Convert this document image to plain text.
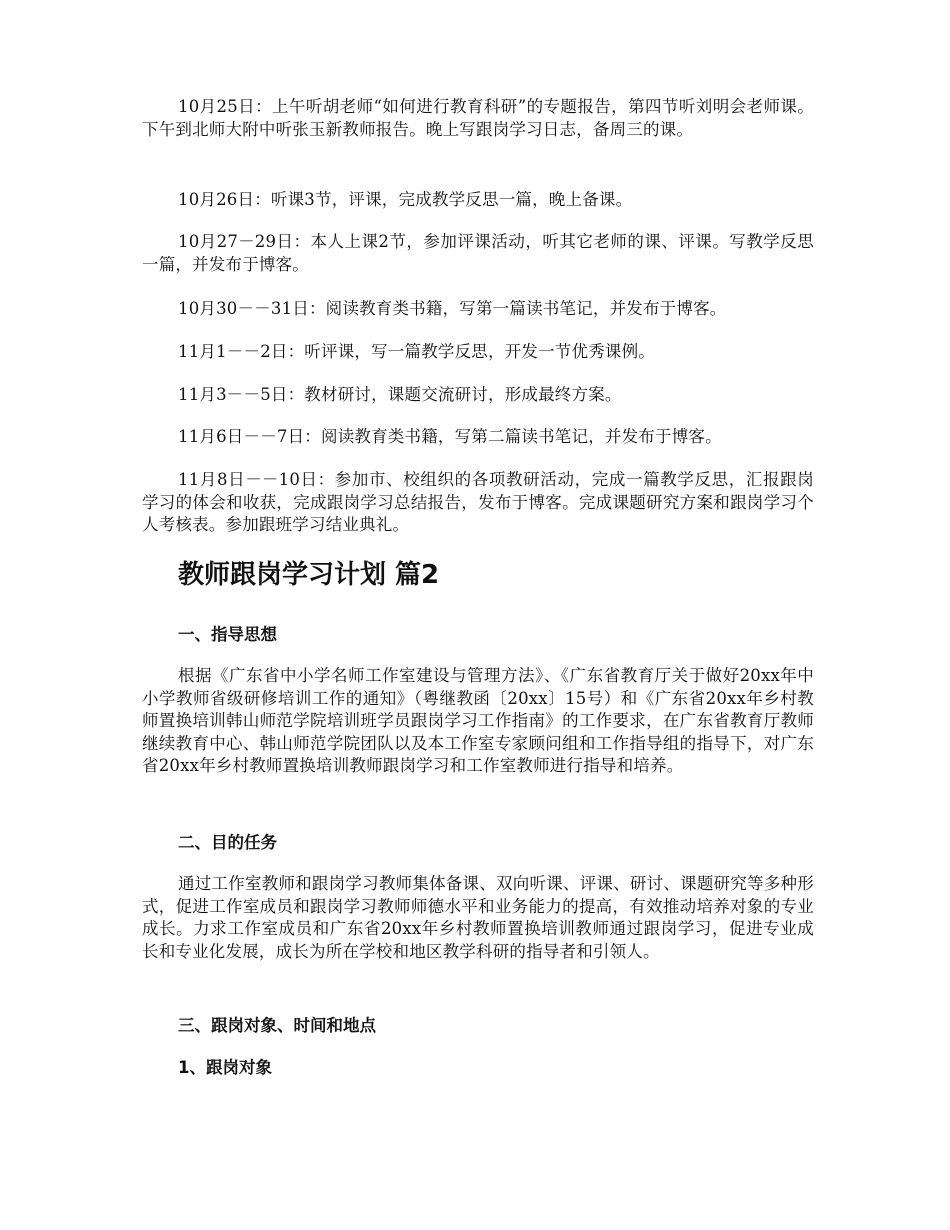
10月25日：上午听胡老师“如何进行教育科研”的专题报告，第四节听刘明会老师课。下午到北师大附中听张玉新教师报告。晚上写跟岗学习日志，备周三的课。

10月26日：听课3节，评课，完成教学反思一篇，晚上备课。

10月27－29日：本人上课2节，参加评课活动，听其它老师的课、评课。写教学反思一篇，并发布于博客。

10月30－－31日：阅读教育类书籍，写第一篇读书笔记，并发布于博客。

11月1－－2日：听评课，写一篇教学反思，开发一节优秀课例。

11月3－－5日：教材研讨，课题交流研讨，形成最终方案。

11月6日－－7日：阅读教育类书籍，写第二篇读书笔记，并发布于博客。

11月8日－－10日：参加市、校组织的各项教研活动，完成一篇教学反思，汇报跟岗学习的体会和收获，完成跟岗学习总结报告，发布于博客。完成课题研究方案和跟岗学习个人考核表。参加跟班学习结业典礼。

教师跟岗学习计划 篇2
一、指导思想

根据《广东省中小学名师工作室建设与管理方法》、《广东省教育厅关于做好20xx年中小学教师省级研修培训工作的通知》（粤继教函〔20xx〕15号）和《广东省20xx年乡村教师置换培训韩山师范学院培训班学员跟岗学习工作指南》的工作要求，在广东省教育厅教师继续教育中心、韩山师范学院团队以及本工作室专家顾问组和工作指导组的指导下，对广东省20xx年乡村教师置换培训教师跟岗学习和工作室教师进行指导和培养。

二、目的任务

通过工作室教师和跟岗学习教师集体备课、双向听课、评课、研讨、课题研究等多种形式，促进工作室成员和跟岗学习教师师德水平和业务能力的提高，有效推动培养对象的专业成长。力求工作室成员和广东省20xx年乡村教师置换培训教师通过跟岗学习，促进专业成长和专业化发展，成长为所在学校和地区教学科研的指导者和引领人。

三、跟岗对象、时间和地点
1、跟岗对象
